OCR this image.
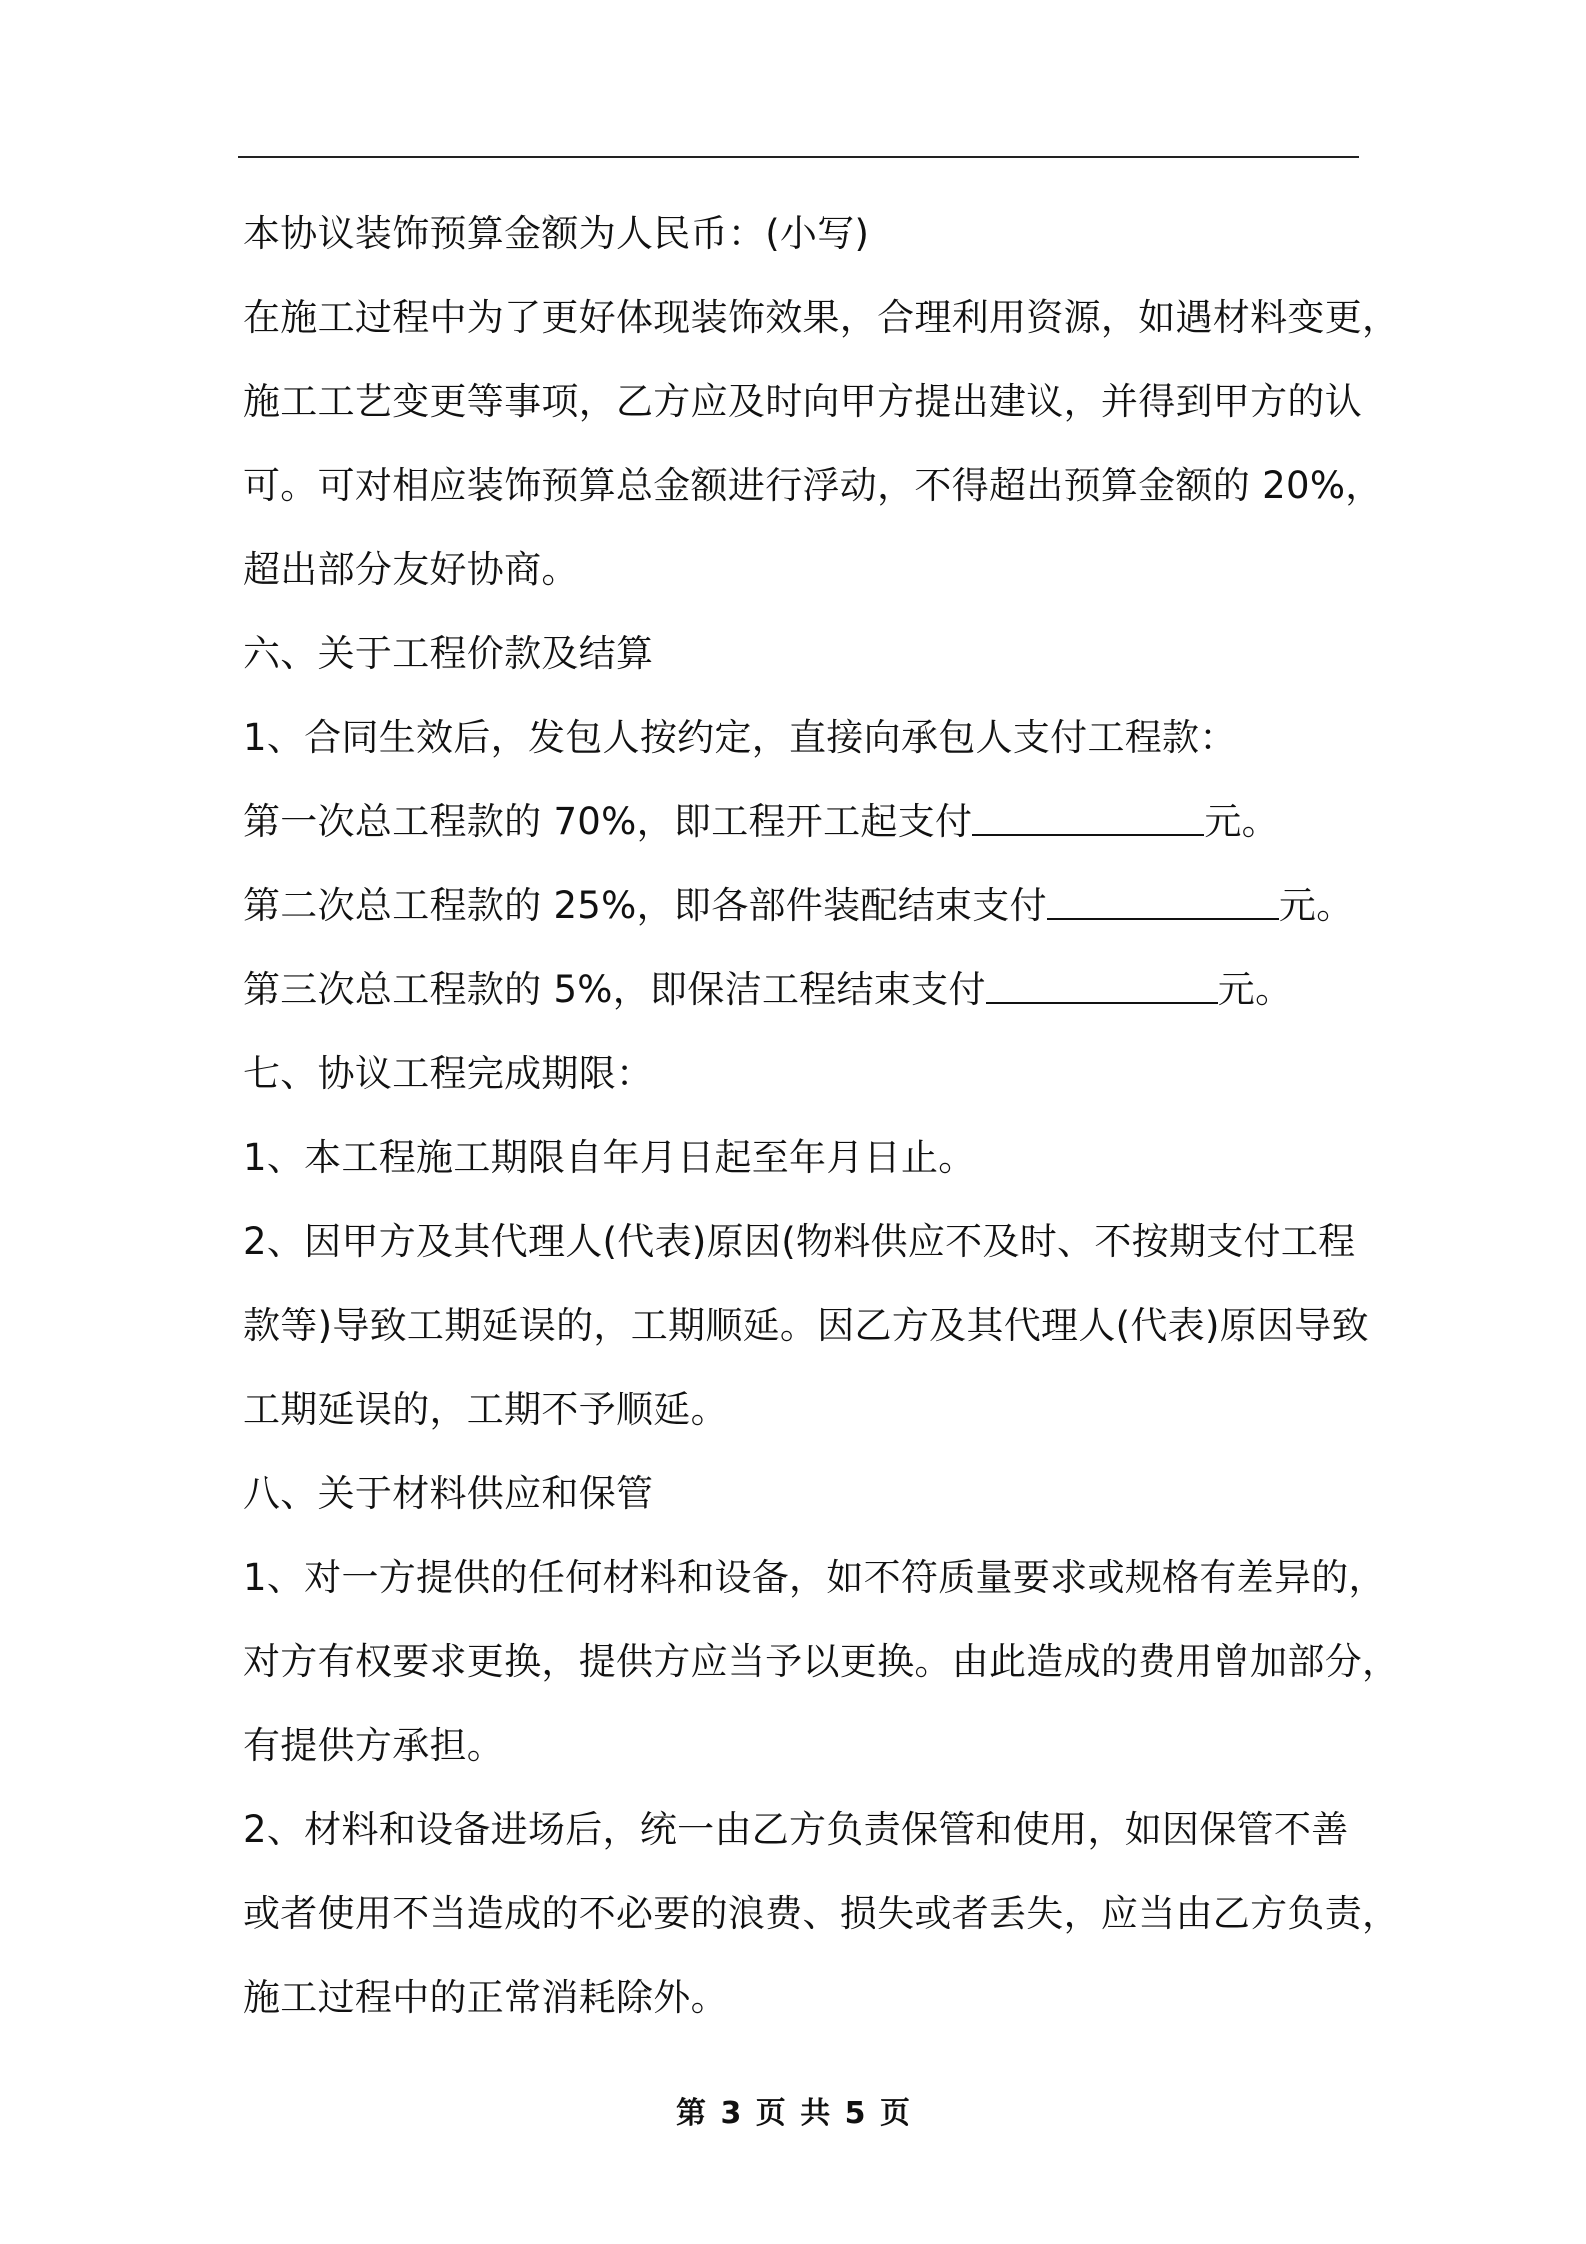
本协议装饰预算金额为人民币：(小写)
在施工过程中为了更好体现装饰效果，合理利用资源，如遇材料变更，
施工工艺变更等事项，乙方应及时向甲方提出建议，并得到甲方的认
可。可对相应装饰预算总金额进行浮动，不得超出预算金额的 20%，
超出部分友好协商。
六、关于工程价款及结算
1、合同生效后，发包人按约定，直接向承包人支付工程款：
第一次总工程款的 70%，即工程开工起支付	元。
第二次总工程款的 25%，即各部件装配结束支付	元。
第三次总工程款的 5%，即保洁工程结束支付	元。
七、协议工程完成期限：
1、本工程施工期限自年月日起至年月日止。
2、因甲方及其代理人(代表)原因(物料供应不及时、不按期支付工程
款等)导致工期延误的，工期顺延。因乙方及其代理人(代表)原因导致
工期延误的，工期不予顺延。
八、关于材料供应和保管
1、对一方提供的任何材料和设备，如不符质量要求或规格有差异的，
对方有权要求更换，提供方应当予以更换。由此造成的费用曾加部分，
有提供方承担。
2、材料和设备进场后，统一由乙方负责保管和使用，如因保管不善
或者使用不当造成的不必要的浪费、损失或者丢失，应当由乙方负责，
施工过程中的正常消耗除外。
第 3 页 共 5 页
